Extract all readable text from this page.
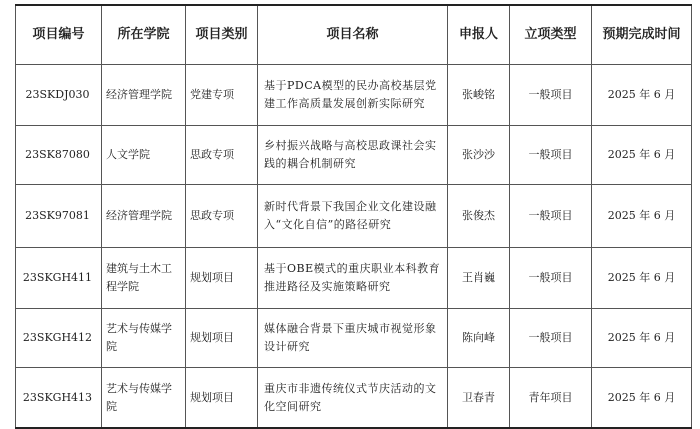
项目编号	所在学院	项目类别	项目名称	申报人	立项类型	预期完成时间
23SKDJ030	经济管理学院	党建专项	基于PDCA模型的民办高校基层党建工作高质量发展创新实际研究	张峻铭	一般项目	2025 年 6 月
23SK87080	人文学院	思政专项	乡村振兴战略与高校思政课社会实践的耦合机制研究	张沙沙	一般项目	2025 年 6 月
23SK97081	经济管理学院	思政专项	新时代背景下我国企业文化建设融入“文化自信”的路径研究	张俊杰	一般项目	2025 年 6 月
23SKGH411	建筑与土木工程学院	规划项目	基于OBE模式的重庆职业本科教育推进路径及实施策略研究	王肖巍	一般项目	2025 年 6 月
23SKGH412	艺术与传媒学院	规划项目	媒体融合背景下重庆城市视觉形象设计研究	陈向峰	一般项目	2025 年 6 月
23SKGH413	艺术与传媒学院	规划项目	重庆市非遗传统仪式节庆活动的文化空间研究	卫春青	青年项目	2025 年 6 月
